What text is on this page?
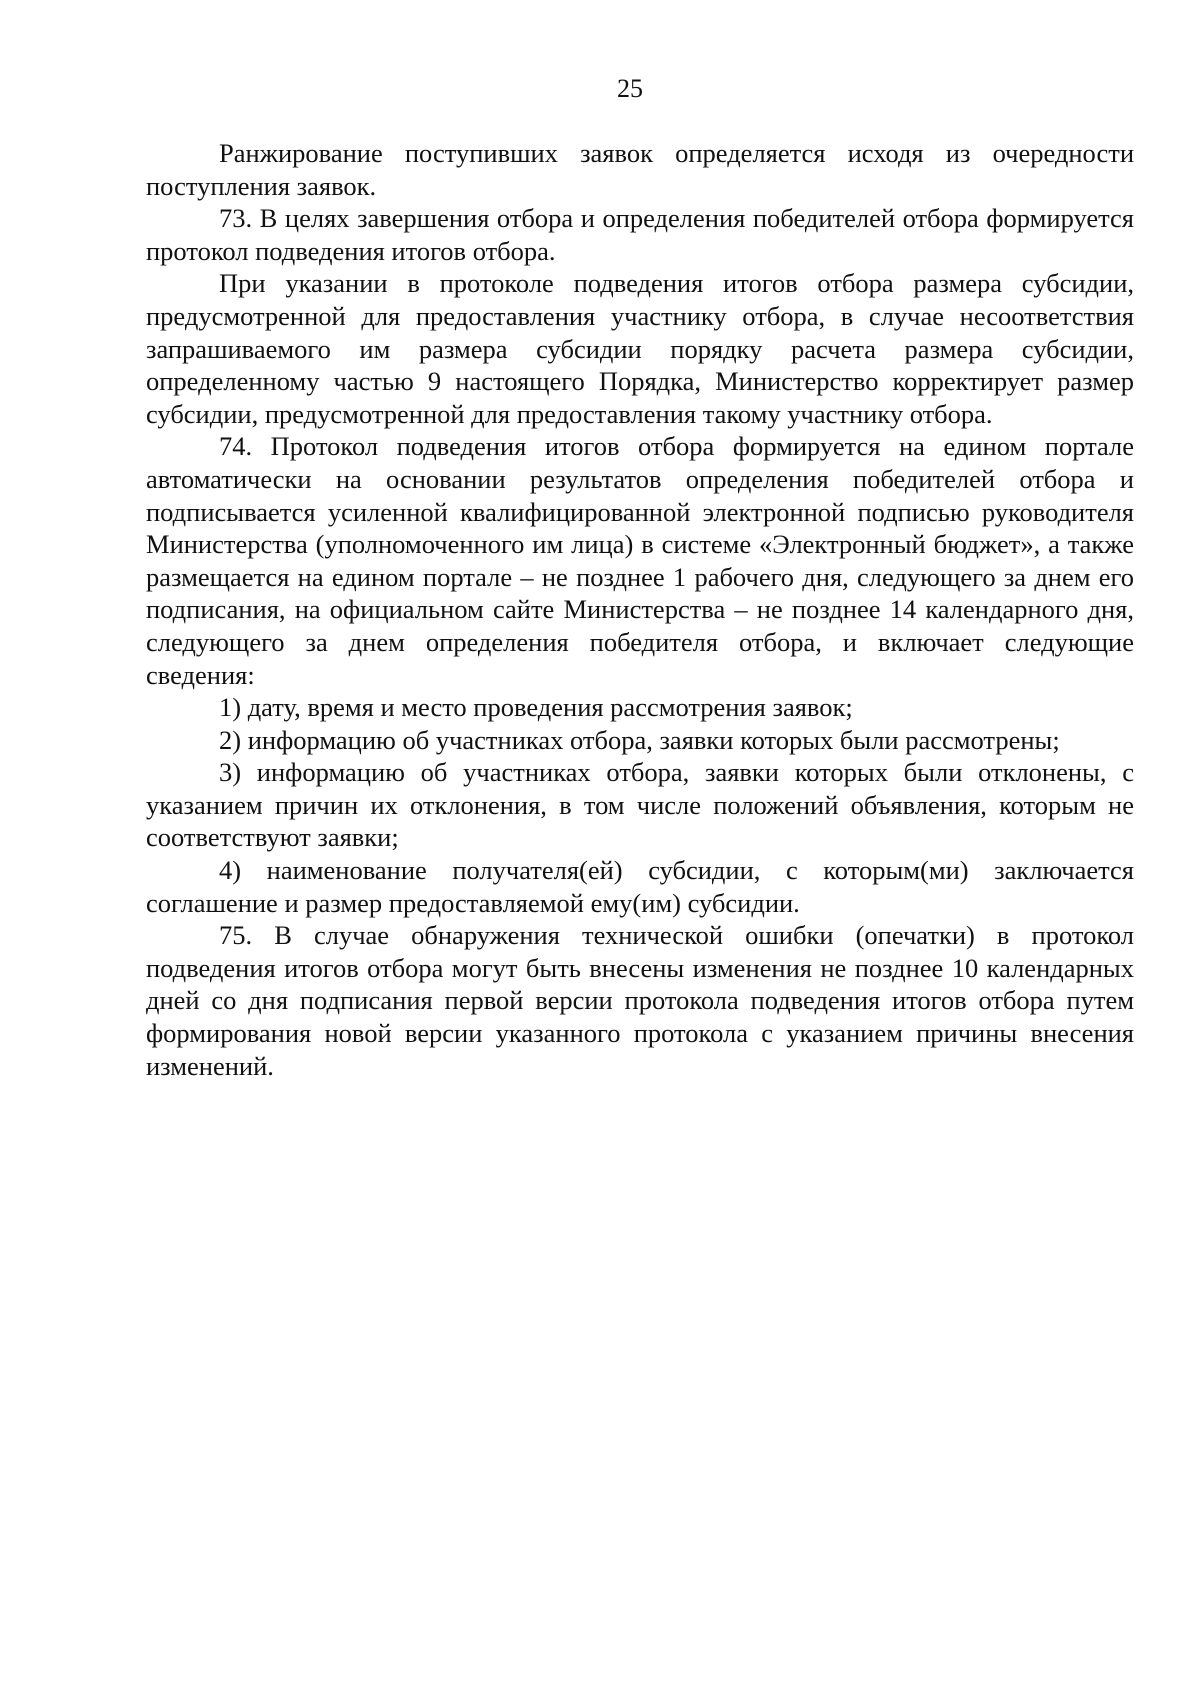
25

Ранжирование поступивших заявок определяется исходя из очередности поступления заявок.

73. В целях завершения отбора и определения победителей отбора формируется протокол подведения итогов отбора.

При указании в протоколе подведения итогов отбора размера субсидии, предусмотренной для предоставления участнику отбора, в случае несоответствия запрашиваемого им размера субсидии порядку расчета размера субсидии, определенному частью 9 настоящего Порядка, Министерство корректирует размер субсидии, предусмотренной для предоставления такому участнику отбора.

74. Протокол подведения итогов отбора формируется на едином портале автоматически на основании результатов определения победителей отбора и подписывается усиленной квалифицированной электронной подписью руководителя Министерства (уполномоченного им лица) в системе «Электронный бюджет», а также размещается на едином портале – не позднее 1 рабочего дня, следующего за днем его подписания, на официальном сайте Министерства – не позднее 14 календарного дня, следующего за днем определения победителя отбора, и включает следующие сведения:

1) дату, время и место проведения рассмотрения заявок;

2) информацию об участниках отбора, заявки которых были рассмотрены;

3) информацию об участниках отбора, заявки которых были отклонены, с указанием причин их отклонения, в том числе положений объявления, которым не соответствуют заявки;

4) наименование получателя(ей) субсидии, с которым(ми) заключается соглашение и размер предоставляемой ему(им) субсидии.

75. В случае обнаружения технической ошибки (опечатки) в протокол подведения итогов отбора могут быть внесены изменения не позднее 10 календарных дней со дня подписания первой версии протокола подведения итогов отбора путем формирования новой версии указанного протокола с указанием причины внесения изменений.
